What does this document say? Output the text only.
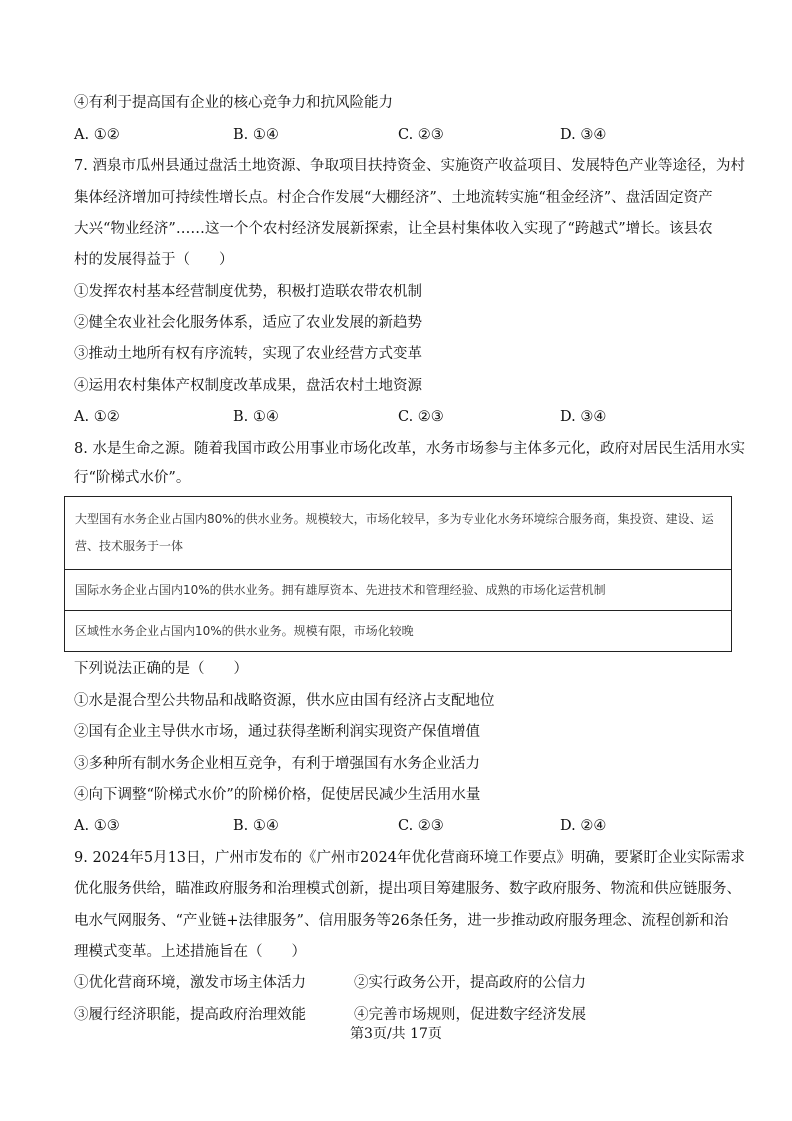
④有利于提高国有企业的核心竞争力和抗风险能力
A. ①②	B. ①④	C. ②③	D. ③④
7. 酒泉市瓜州县通过盘活土地资源、争取项目扶持资金、实施资产收益项目、发展特色产业等途径，为村
集体经济增加可持续性增长点。村企合作发展“大棚经济”、土地流转实施“租金经济”、盘活固定资产
大兴“物业经济”……这一个个农村经济发展新探索，让全县村集体收入实现了“跨越式”增长。该县农
村的发展得益于（　　）
①发挥农村基本经营制度优势，积极打造联农带农机制
②健全农业社会化服务体系，适应了农业发展的新趋势
③推动土地所有权有序流转，实现了农业经营方式变革
④运用农村集体产权制度改革成果，盘活农村土地资源
A. ①②	B. ①④	C. ②③	D. ③④
8. 水是生命之源。随着我国市政公用事业市场化改革，水务市场参与主体多元化，政府对居民生活用水实
行“阶梯式水价”。
大型国有水务企业占国内80%的供水业务。规模较大，市场化较早，多为专业化水务环境综合服务商，集投资、建设、运营、技术服务于一体
国际水务企业占国内10%的供水业务。拥有雄厚资本、先进技术和管理经验、成熟的市场化运营机制
区域性水务企业占国内10%的供水业务。规模有限，市场化较晚
下列说法正确的是（　　）
①水是混合型公共物品和战略资源，供水应由国有经济占支配地位
②国有企业主导供水市场，通过获得垄断利润实现资产保值增值
③多种所有制水务企业相互竞争，有利于增强国有水务企业活力
④向下调整“阶梯式水价”的阶梯价格，促使居民减少生活用水量
A. ①③	B. ①④	C. ②③	D. ②④
9. 2024年5月13日，广州市发布的《广州市2024年优化营商环境工作要点》明确，要紧盯企业实际需求
优化服务供给，瞄准政府服务和治理模式创新，提出项目筹建服务、数字政府服务、物流和供应链服务、
电水气网服务、“产业链+法律服务”、信用服务等26条任务，进一步推动政府服务理念、流程创新和治
理模式变革。上述措施旨在（　　）
①优化营商环境，激发市场主体活力	②实行政务公开，提高政府的公信力
③履行经济职能，提高政府治理效能	④完善市场规则，促进数字经济发展
第3页/共 17页
